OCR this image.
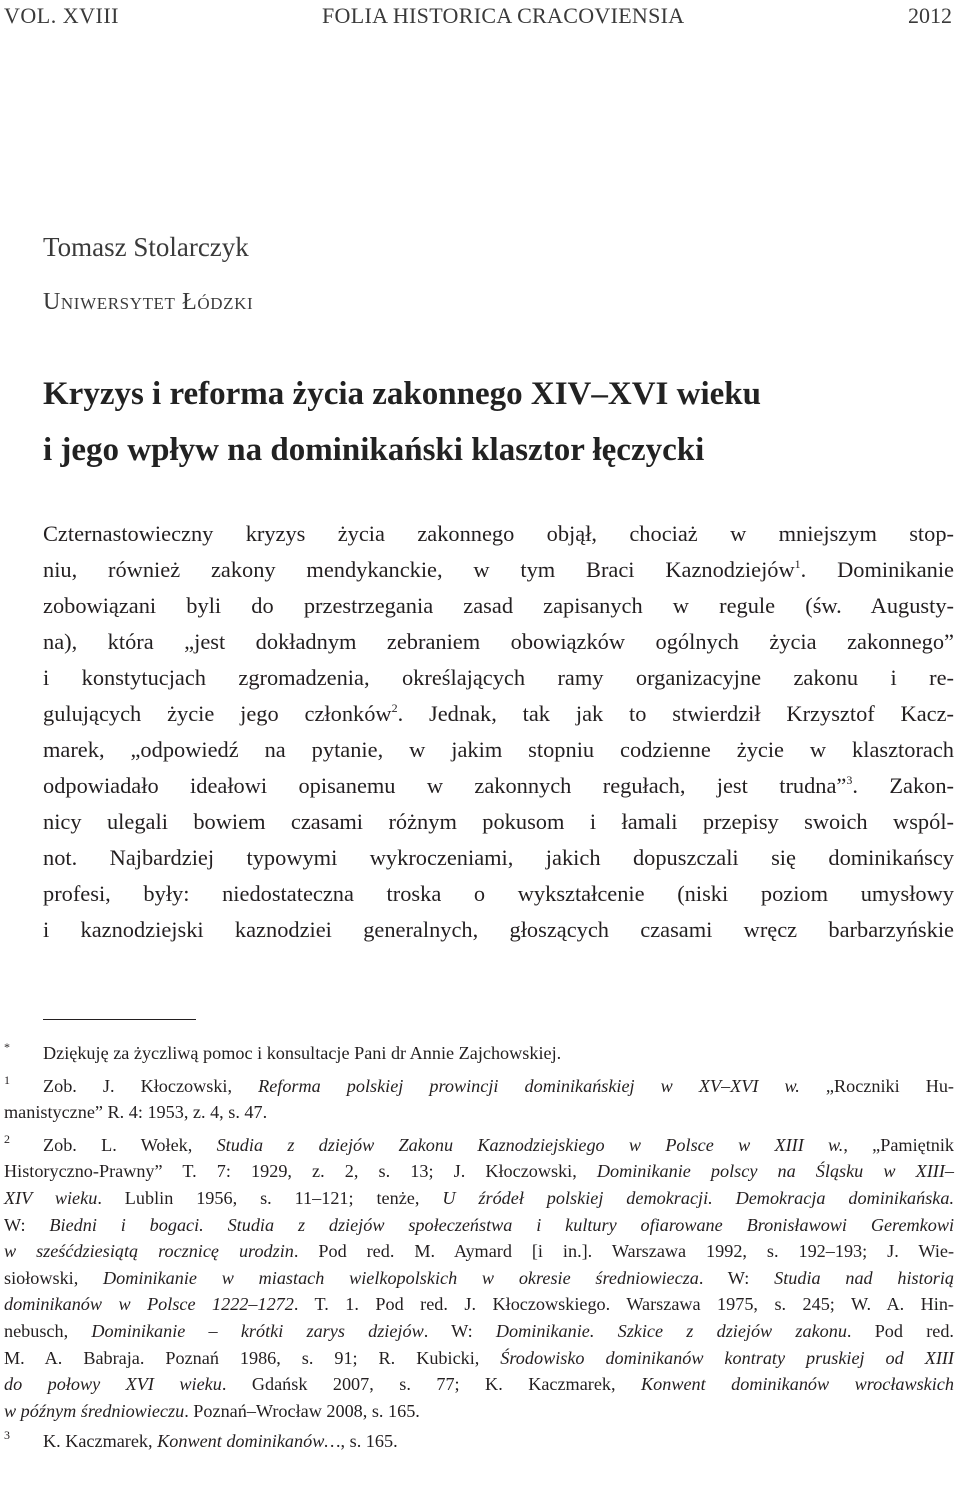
VOL. XVIII	FOLIA HISTORICA CRACOVIENSIA	2012
Tomasz Stolarczyk
Uniwersytet Łódzki
Kryzys i reforma życia zakonnego XIV–XVI wieku
i jego wpływ na dominikański klasztor łęczycki
Czternastowieczny kryzys życia zakonnego objął, chociaż w mniejszym stop-
niu, również zakony mendykanckie, w tym Braci Kaznodziejów$^1$. Dominikanie
zobowiązani byli do przestrzegania zasad zapisanych w regule (św. Augusty-
na), która „jest dokładnym zebraniem obowiązków ogólnych życia zakonnego”
i konstytucjach zgromadzenia, określających ramy organizacyjne zakonu i re-
gulujących życie jego członków$^2$. Jednak, tak jak to stwierdził Krzysztof Kacz-
marek, „odpowiedź na pytanie, w jakim stopniu codzienne życie w klasztorach
odpowiadało ideałowi opisanemu w zakonnych regułach, jest trudna”$^3$. Zakon-
nicy ulegali bowiem czasami różnym pokusom i łamali przepisy swoich wspól-
not. Najbardziej typowymi wykroczeniami, jakich dopuszczali się dominikańscy
profesi, były: niedostateczna troska o wykształcenie (niski poziom umysłowy
i kaznodziejski kaznodziei generalnych, głoszących czasami wręcz barbarzyńskie
* Dziękuję za życzliwą pomoc i konsultacje Pani dr Annie Zajchowskiej.
1 Zob. J. Kłoczowski, Reforma polskiej prowincji dominikańskiej w XV–XVI w. „Roczniki Hu-
manistyczne” R. 4: 1953, z. 4, s. 47.
2 Zob. L. Wołek, Studia z dziejów Zakonu Kaznodziejskiego w Polsce w XIII w., „Pamiętnik
Historyczno-Prawny” T. 7: 1929, z. 2, s. 13; J. Kłoczowski, Dominikanie polscy na Śląsku w XIII–
XIV wieku. Lublin 1956, s. 11–121; tenże, U źródeł polskiej demokracji. Demokracja dominikańska.
W: Biedni i bogaci. Studia z dziejów społeczeństwa i kultury ofiarowane Bronisławowi Geremkowi
w sześćdziesiątą rocznicę urodzin. Pod red. M. Aymard [i in.]. Warszawa 1992, s. 192–193; J. Wie-
siołowski, Dominikanie w miastach wielkopolskich w okresie średniowiecza. W: Studia nad historią
dominikanów w Polsce 1222–1272. T. 1. Pod red. J. Kłoczowskiego. Warszawa 1975, s. 245; W. A. Hin-
nebusch, Dominikanie – krótki zarys dziejów. W: Dominikanie. Szkice z dziejów zakonu. Pod red.
M. A. Babraja. Poznań 1986, s. 91; R. Kubicki, Środowisko dominikanów kontraty pruskiej od XIII
do połowy XVI wieku. Gdańsk 2007, s. 77; K. Kaczmarek, Konwent dominikanów wrocławskich
w późnym średniowieczu. Poznań–Wrocław 2008, s. 165.
3 K. Kaczmarek, Konwent dominikanów…, s. 165.
